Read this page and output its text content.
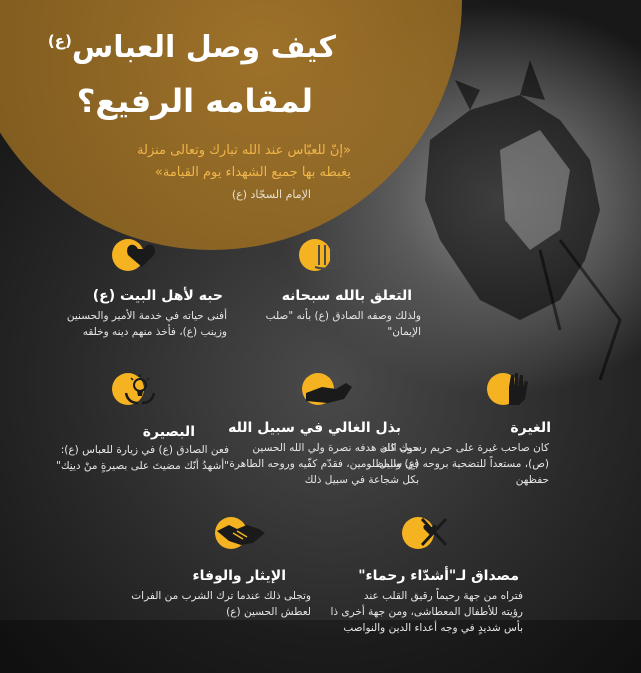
كيف وصل العباس$^{(ع)}$
لمقامه الرفيع؟
«إنّ للعبّاس عند الله تبارك وتعالى منزلة
يغبطه بها جميع الشهداء يوم القيامة»
الإمام السجّاد (ع)
التعلق بالله سبحانه
ولذلك وصفه الصادق (ع) بأنه "صلب
الإيمان"
حبه لأهل البيت (ع)
أفنى حياته في خدمة الأمير والحسنين
وزينب (ع)، فأخذ منهم دينه وخلقه
الغيرة
كان صاحب غيرة على حريم رسول الله
(ص)، مستعداً للتضحية بروحه في سبيل
حفظهن
بذل الغالي في سبيل الله
حيث كان هدفه نصرة ولي الله الحسين
(ع) والمظلومين، فقدّم كفّيه وروحه الطاهرة
بكل شجاعة في سبيل ذلك
البصيرة
فعن الصادق (ع) في زيارة للعباس (ع):
"أشهدُ أنّك مضيتَ على بصيرةٍ منْ دينِك"
مصداق لـ"أشدّاء رحماء"
فتراه من جهة رحيماً رقيق القلب عند
رؤيته للأطفال المعطاشى، ومن جهة أخرى ذا
بأس شديدٍ في وجه أعداء الدين والنواصب
الإيثار والوفاء
وتجلى ذلك عندما ترك الشرب من الفرات
لعطش الحسين (ع)
